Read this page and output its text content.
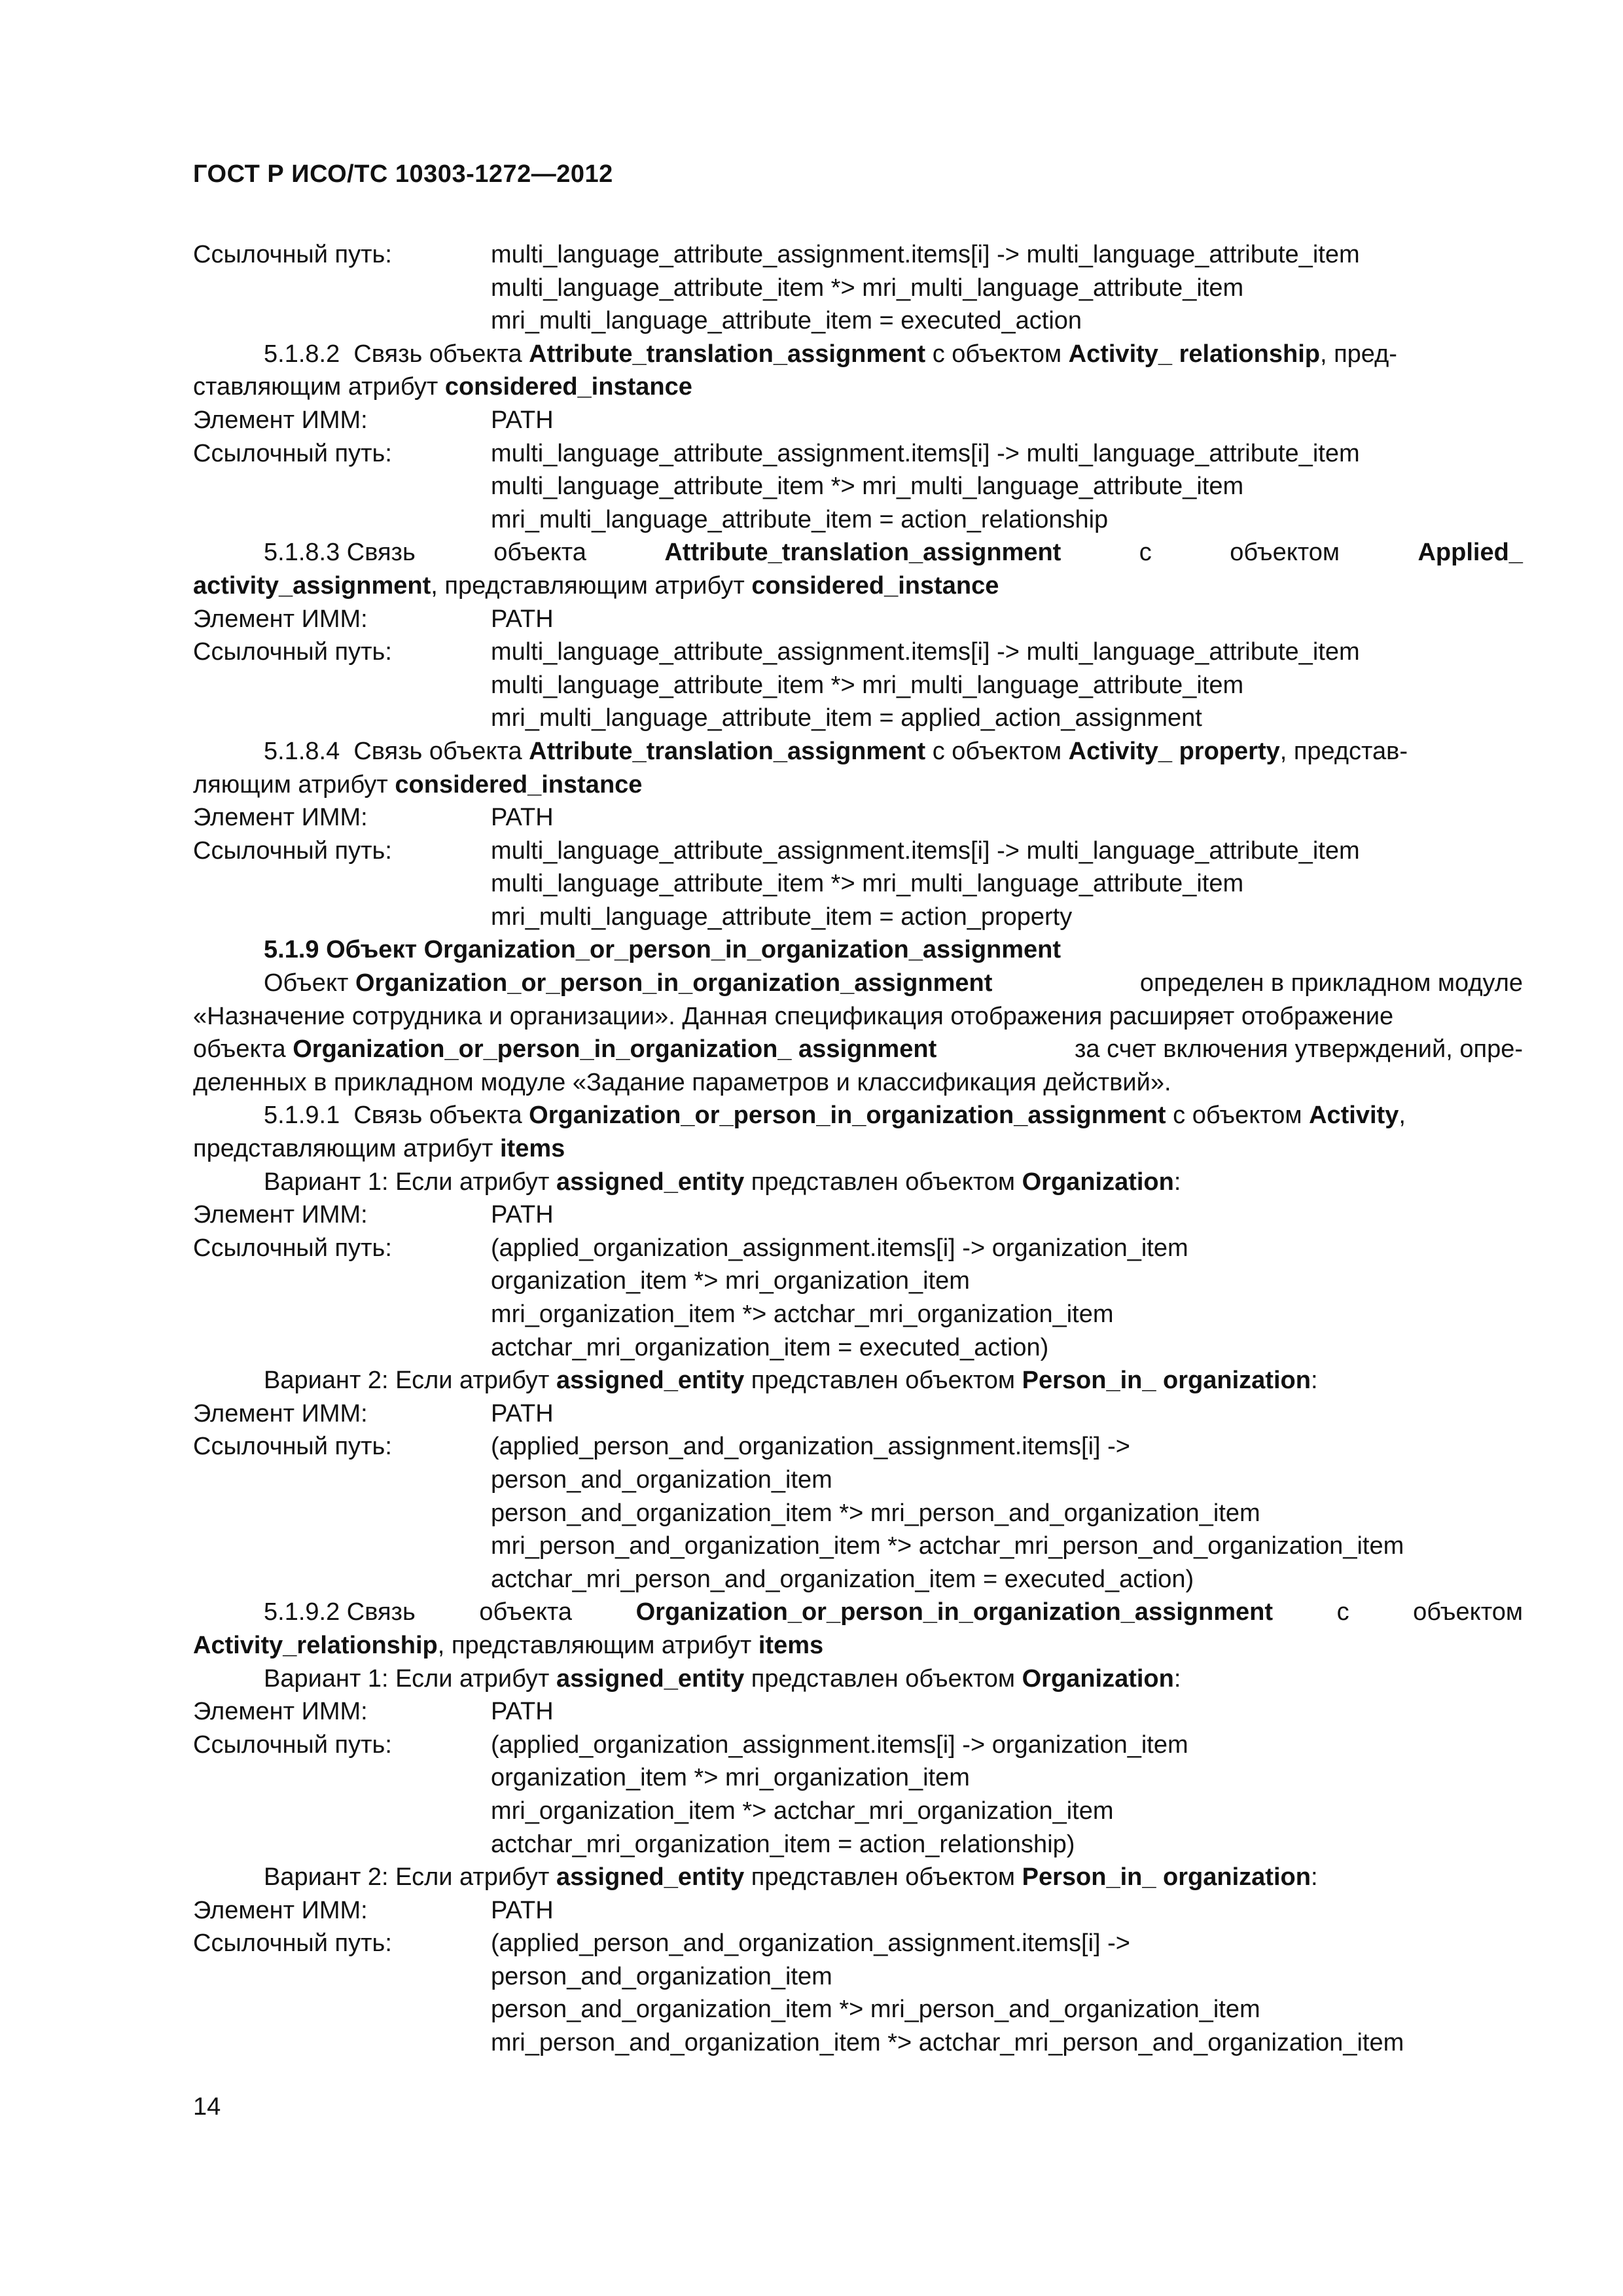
ГОСТ Р ИСО/ТС 10303-1272—2012
Ссылочный путь:	multi_language_attribute_assignment.items[i] -> multi_language_attribute_item
multi_language_attribute_item *> mri_multi_language_attribute_item
mri_multi_language_attribute_item = executed_action
5.1.8.2 Связь объекта Attribute_translation_assignment с объектом Activity_ relationship, пред-
ставляющим атрибут considered_instance
Элемент ИММ:	PATH
Ссылочный путь:	multi_language_attribute_assignment.items[i] -> multi_language_attribute_item
multi_language_attribute_item *> mri_multi_language_attribute_item
mri_multi_language_attribute_item = action_relationship
5.1.8.3 Связь	объекта	Attribute_translation_assignment	с	объектом	Applied_
activity_assignment, представляющим атрибут considered_instance
Элемент ИММ:	PATH
Ссылочный путь:	multi_language_attribute_assignment.items[i] -> multi_language_attribute_item
multi_language_attribute_item *> mri_multi_language_attribute_item
mri_multi_language_attribute_item = applied_action_assignment
5.1.8.4 Связь объекта Attribute_translation_assignment с объектом Activity_ property, представ-
ляющим атрибут considered_instance
Элемент ИММ:	PATH
Ссылочный путь:	multi_language_attribute_assignment.items[i] -> multi_language_attribute_item
multi_language_attribute_item *> mri_multi_language_attribute_item
mri_multi_language_attribute_item = action_property
5.1.9 Объект Organization_or_person_in_organization_assignment
Объект Organization_or_person_in_organization_assignment	определен в прикладном модуле
«Назначение сотрудника и организации». Данная спецификация отображения расширяет отображение
объекта Organization_or_person_in_organization_ assignment	за счет включения утверждений, опре-
деленных в прикладном модуле «Задание параметров и классификация действий».
5.1.9.1 Связь объекта Organization_or_person_in_organization_assignment с объектом Activity,
представляющим атрибут items
Вариант 1: Если атрибут assigned_entity представлен объектом Organization:
Элемент ИММ:	PATH
Ссылочный путь:	(applied_organization_assignment.items[i] -> organization_item
organization_item *> mri_organization_item
mri_organization_item *> actchar_mri_organization_item
actchar_mri_organization_item = executed_action)
Вариант 2: Если атрибут assigned_entity представлен объектом Person_in_ organization:
Элемент ИММ:	PATH
Ссылочный путь:	(applied_person_and_organization_assignment.items[i] ->
person_and_organization_item
person_and_organization_item *> mri_person_and_organization_item
mri_person_and_organization_item *> actchar_mri_person_and_organization_item
actchar_mri_person_and_organization_item = executed_action)
5.1.9.2 Связь	объекта	Organization_or_person_in_organization_assignment	с	объектом
Activity_relationship, представляющим атрибут items
Вариант 1: Если атрибут assigned_entity представлен объектом Organization:
Элемент ИММ:	PATH
Ссылочный путь:	(applied_organization_assignment.items[i] -> organization_item
organization_item *> mri_organization_item
mri_organization_item *> actchar_mri_organization_item
actchar_mri_organization_item = action_relationship)
Вариант 2: Если атрибут assigned_entity представлен объектом Person_in_ organization:
Элемент ИММ:	PATH
Ссылочный путь:	(applied_person_and_organization_assignment.items[i] ->
person_and_organization_item
person_and_organization_item *> mri_person_and_organization_item
mri_person_and_organization_item *> actchar_mri_person_and_organization_item
14
